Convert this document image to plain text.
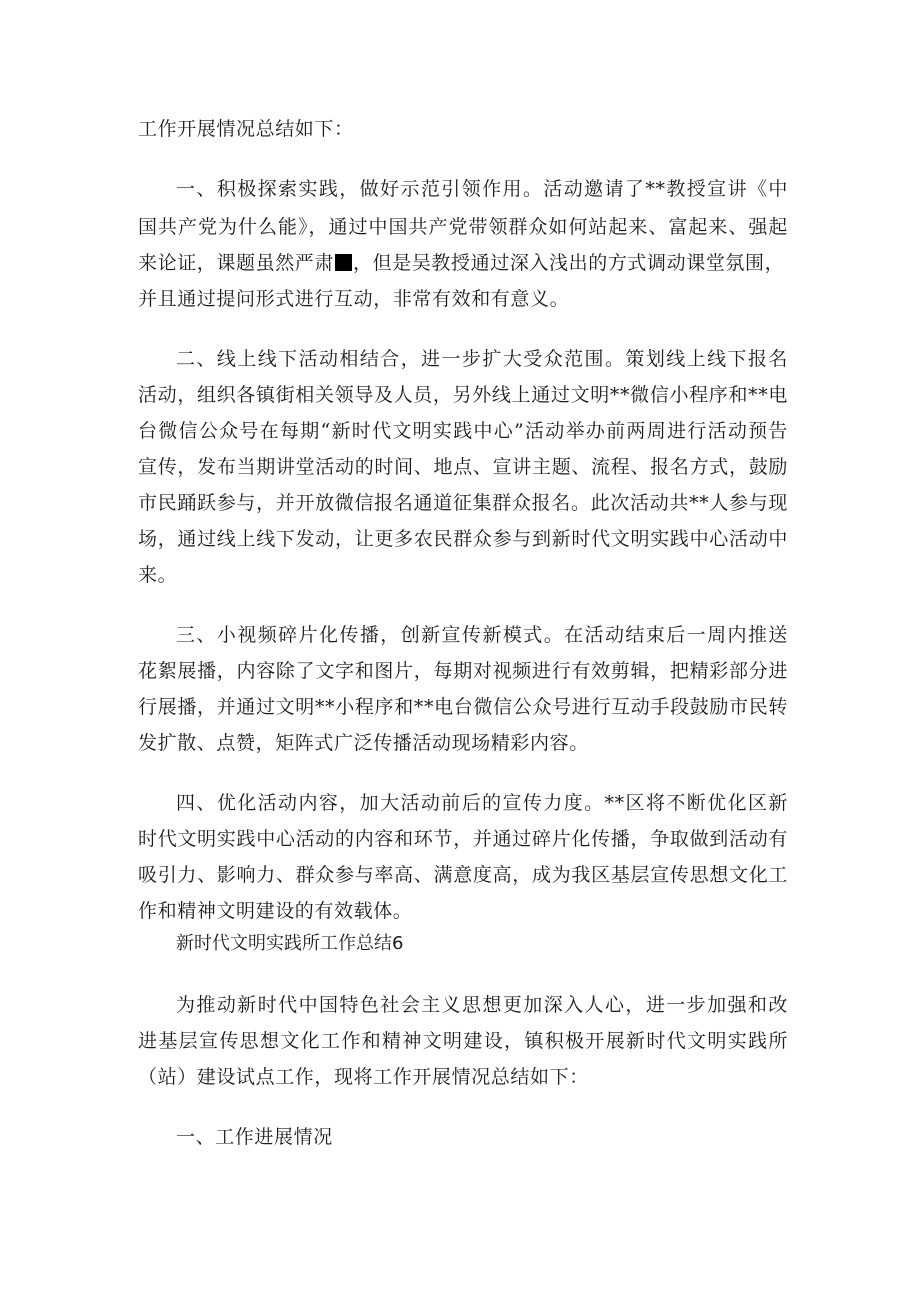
工作开展情况总结如下：
一、积极探索实践，做好示范引领作用。活动邀请了**教授宣讲《中
国共产党为什么能》，通过中国共产党带领群众如何站起来、富起来、强起
来论证，课题虽然严肃 ，但是吴教授通过深入浅出的方式调动课堂氛围，
并且通过提问形式进行互动，非常有效和有意义。
二、线上线下活动相结合，进一步扩大受众范围。策划线上线下报名
活动，组织各镇街相关领导及人员，另外线上通过文明**微信小程序和**电
台微信公众号在每期“新时代文明实践中心”活动举办前两周进行活动预告
宣传，发布当期讲堂活动的时间、地点、宣讲主题、流程、报名方式，鼓励
市民踊跃参与，并开放微信报名通道征集群众报名。此次活动共**人参与现
场，通过线上线下发动，让更多农民群众参与到新时代文明实践中心活动中
来。
三、小视频碎片化传播，创新宣传新模式。在活动结束后一周内推送
花絮展播，内容除了文字和图片，每期对视频进行有效剪辑，把精彩部分进
行展播，并通过文明**小程序和**电台微信公众号进行互动手段鼓励市民转
发扩散、点赞，矩阵式广泛传播活动现场精彩内容。
四、优化活动内容，加大活动前后的宣传力度。**区将不断优化区新
时代文明实践中心活动的内容和环节，并通过碎片化传播，争取做到活动有
吸引力、影响力、群众参与率高、满意度高，成为我区基层宣传思想文化工
作和精神文明建设的有效载体。
新时代文明实践所工作总结6
为推动新时代中国特色社会主义思想更加深入人心，进一步加强和改
进基层宣传思想文化工作和精神文明建设，镇积极开展新时代文明实践所
（站）建设试点工作，现将工作开展情况总结如下：
一、工作进展情况
